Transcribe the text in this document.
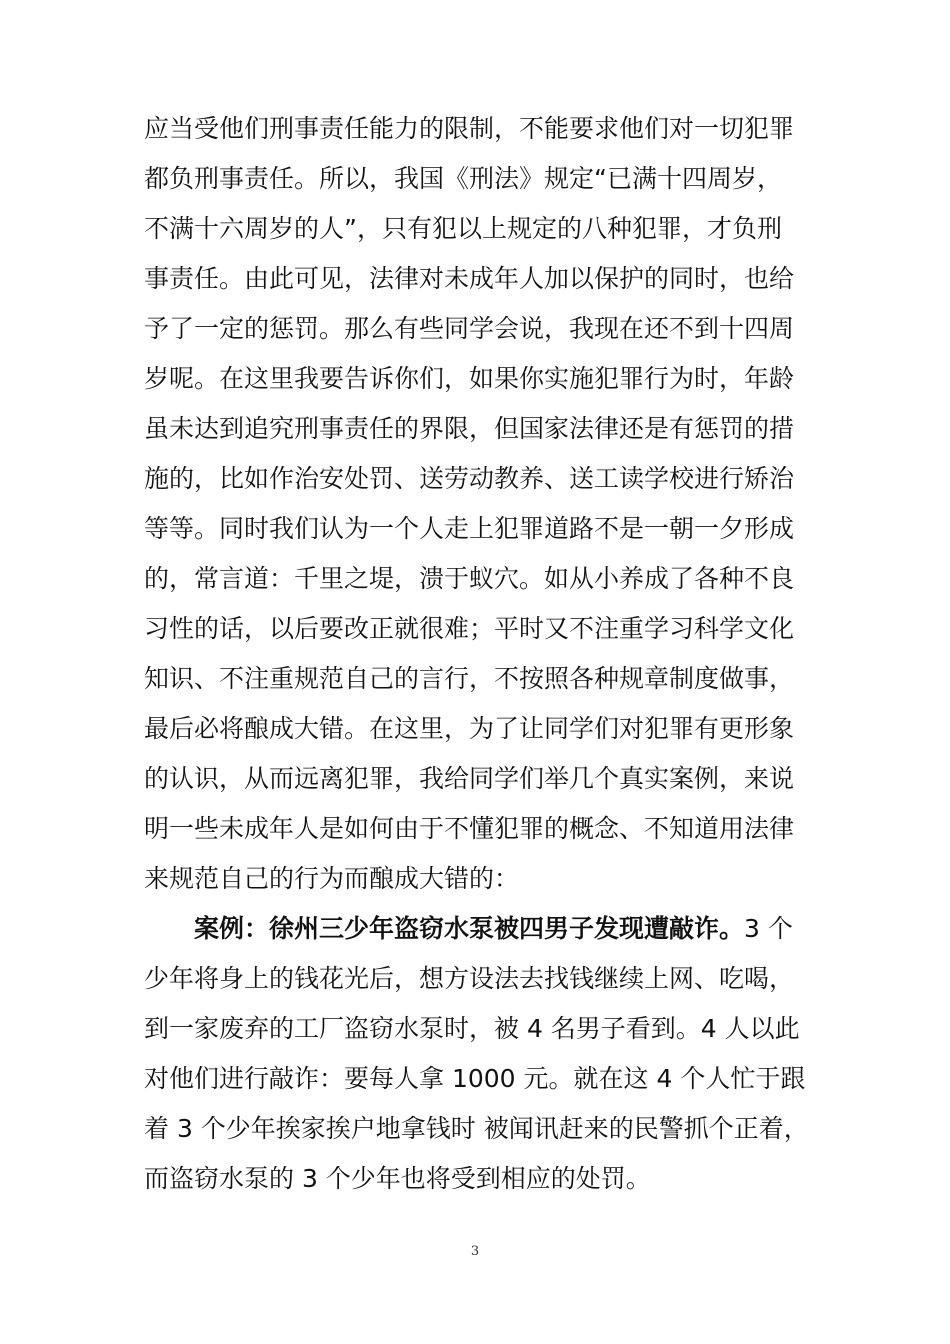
应当受他们刑事责任能力的限制，不能要求他们对一切犯罪
都负刑事责任。所以，我国《刑法》规定“已满十四周岁，
不满十六周岁的人”，只有犯以上规定的八种犯罪，才负刑
事责任。由此可见，法律对未成年人加以保护的同时，也给
予了一定的惩罚。那么有些同学会说，我现在还不到十四周
岁呢。在这里我要告诉你们，如果你实施犯罪行为时，年龄
虽未达到追究刑事责任的界限，但国家法律还是有惩罚的措
施的，比如作治安处罚、送劳动教养、送工读学校进行矫治
等等。同时我们认为一个人走上犯罪道路不是一朝一夕形成
的，常言道：千里之堤，溃于蚁穴。如从小养成了各种不良
习性的话，以后要改正就很难；平时又不注重学习科学文化
知识、不注重规范自己的言行，不按照各种规章制度做事，
最后必将酿成大错。在这里，为了让同学们对犯罪有更形象
的认识，从而远离犯罪，我给同学们举几个真实案例，来说
明一些未成年人是如何由于不懂犯罪的概念、不知道用法律
来规范自己的行为而酿成大错的：
案例：徐州三少年盗窃水泵被四男子发现遭敲诈。3 个
少年将身上的钱花光后，想方设法去找钱继续上网、吃喝，
到一家废弃的工厂盗窃水泵时，被 4 名男子看到。4 人以此
对他们进行敲诈：要每人拿 1000 元。就在这 4 个人忙于跟
着 3 个少年挨家挨户地拿钱时 被闻讯赶来的民警抓个正着，
而盗窃水泵的 3 个少年也将受到相应的处罚。
3
